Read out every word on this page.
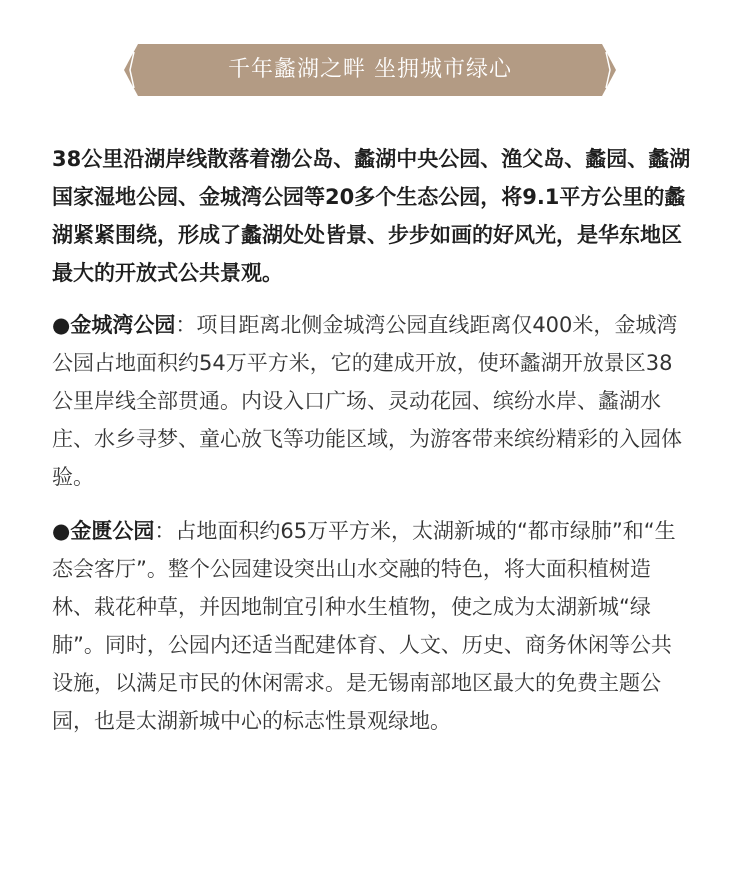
千年蠡湖之畔 坐拥城市绿心

38公里沿湖岸线散落着渤公岛、蠡湖中央公园、渔父岛、蠡园、蠡湖国家湿地公园、金城湾公园等20多个生态公园，将9.1平方公里的蠡湖紧紧围绕，形成了蠡湖处处皆景、步步如画的好风光，是华东地区最大的开放式公共景观。

●金城湾公园：项目距离北侧金城湾公园直线距离仅400米，金城湾公园占地面积约54万平方米，它的建成开放，使环蠡湖开放景区38公里岸线全部贯通。内设入口广场、灵动花园、缤纷水岸、蠡湖水庄、水乡寻梦、童心放飞等功能区域，为游客带来缤纷精彩的入园体验。

●金匮公园：占地面积约65万平方米，太湖新城的“都市绿肺”和“生态会客厅”。整个公园建设突出山水交融的特色，将大面积植树造林、栽花种草，并因地制宜引种水生植物，使之成为太湖新城“绿肺”。同时，公园内还适当配建体育、人文、历史、商务休闲等公共设施，以满足市民的休闲需求。是无锡南部地区最大的免费主题公园，也是太湖新城中心的标志性景观绿地。
